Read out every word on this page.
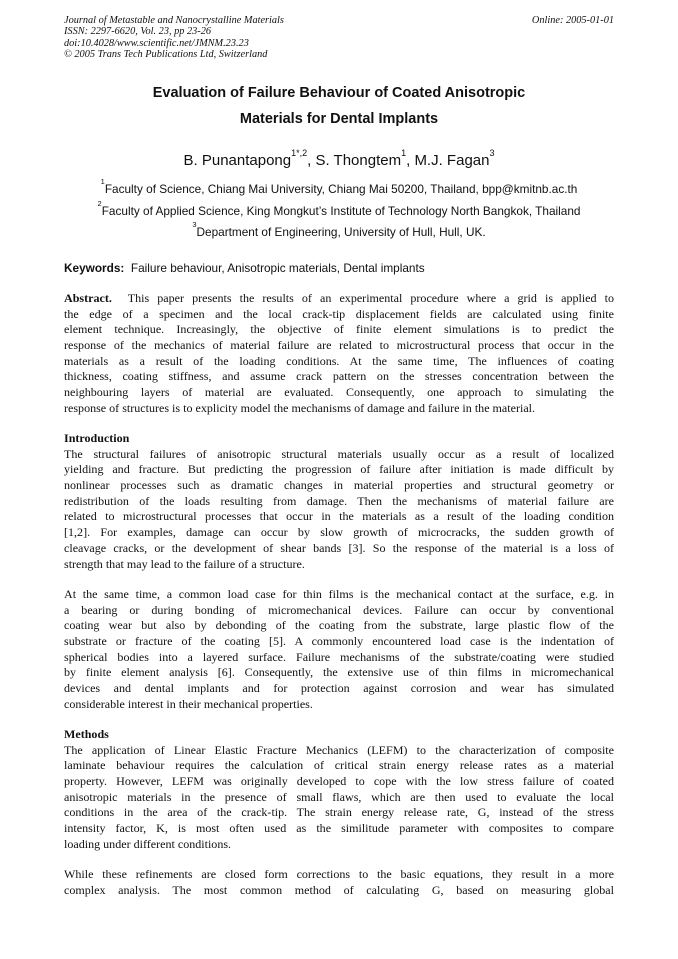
Journal of Metastable and Nanocrystalline Materials
ISSN: 2297-6620, Vol. 23, pp 23-26
doi:10.4028/www.scientific.net/JMNM.23.23
© 2005 Trans Tech Publications Ltd, Switzerland
Online: 2005-01-01
Evaluation of Failure Behaviour of Coated Anisotropic
Materials for Dental Implants
B. Punantapong$^{1*,2}$, S. Thongtem$^1$, M.J. Fagan$^3$
$^1$Faculty of Science, Chiang Mai University, Chiang Mai 50200, Thailand, bpp@kmitnb.ac.th
$^2$Faculty of Applied Science, King Mongkut’s Institute of Technology North Bangkok, Thailand
$^3$Department of Engineering, University of Hull, Hull, UK.
Keywords: Failure behaviour, Anisotropic materials, Dental implants
Abstract. This paper presents the results of an experimental procedure where a grid is applied to
the edge of a specimen and the local crack-tip displacement fields are calculated using finite
element technique. Increasingly, the objective of finite element simulations is to predict the
response of the mechanics of material failure are related to microstructural process that occur in the
materials as a result of the loading conditions. At the same time, The influences of coating
thickness, coating stiffness, and assume crack pattern on the stresses concentration between the
neighbouring layers of material are evaluated. Consequently, one approach to simulating the
response of structures is to explicity model the mechanisms of damage and failure in the material.
Introduction
The structural failures of anisotropic structural materials usually occur as a result of localized
yielding and fracture. But predicting the progression of failure after initiation is made difficult by
nonlinear processes such as dramatic changes in material properties and structural geometry or
redistribution of the loads resulting from damage. Then the mechanisms of material failure are
related to microstructural processes that occur in the materials as a result of the loading condition
[1,2]. For examples, damage can occur by slow growth of microcracks, the sudden growth of
cleavage cracks, or the development of shear bands [3]. So the response of the material is a loss of
strength that may lead to the failure of a structure.
At the same time, a common load case for thin films is the mechanical contact at the surface, e.g. in
a bearing or during bonding of micromechanical devices. Failure can occur by conventional
coating wear but also by debonding of the coating from the substrate, large plastic flow of the
substrate or fracture of the coating [5]. A commonly encountered load case is the indentation of
spherical bodies into a layered surface. Failure mechanisms of the substrate/coating were studied
by finite element analysis [6]. Consequently, the extensive use of thin films in micromechanical
devices and dental implants and for protection against corrosion and wear has simulated
considerable interest in their mechanical properties.
Methods
The application of Linear Elastic Fracture Mechanics (LEFM) to the characterization of composite
laminate behaviour requires the calculation of critical strain energy release rates as a material
property. However, LEFM was originally developed to cope with the low stress failure of coated
anisotropic materials in the presence of small flaws, which are then used to evaluate the local
conditions in the area of the crack-tip. The strain energy release rate, G, instead of the stress
intensity factor, K, is most often used as the similitude parameter with composites to compare
loading under different conditions.
While these refinements are closed form corrections to the basic equations, they result in a more
complex analysis. The most common method of calculating G, based on measuring global
